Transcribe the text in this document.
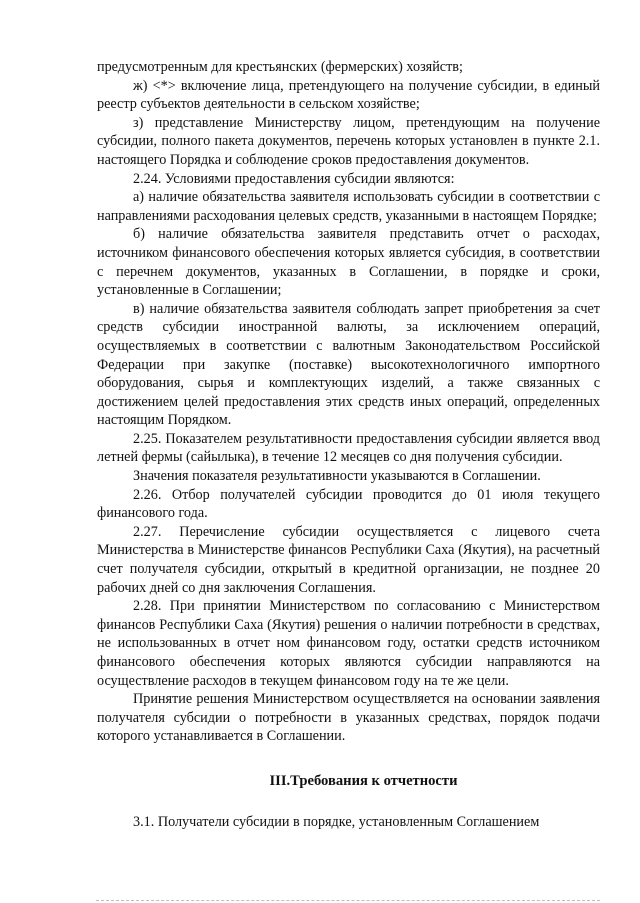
предусмотренным для крестьянских (фермерских) хозяйств;

ж) <*> включение лица, претендующего на получение субсидии, в единый реестр субъектов деятельности в сельском хозяйстве;

з) представление Министерству лицом, претендующим на получение субсидии, полного пакета документов, перечень которых установлен в пункте 2.1. настоящего Порядка и соблюдение сроков предоставления документов.

2.24. Условиями предоставления субсидии являются:

а) наличие обязательства заявителя использовать субсидии в соответствии с направлениями расходования целевых средств, указанными в настоящем Порядке;

б) наличие обязательства заявителя представить отчет о расходах, источником финансового обеспечения которых является субсидия, в соответствии с перечнем документов, указанных в Соглашении, в порядке и сроки, установленные в Соглашении;

в) наличие обязательства заявителя соблюдать запрет приобретения за счет средств субсидии иностранной валюты, за исключением операций, осуществляемых в соответствии с валютным Законодательством Российской Федерации при закупке (поставке) высокотехнологичного импортного оборудования, сырья и комплектующих изделий, а также связанных с достижением целей предоставления этих средств иных операций, определенных настоящим Порядком.

2.25. Показателем результативности предоставления субсидии является ввод летней фермы (сайылыка), в течение 12 месяцев со дня получения субсидии.

Значения показателя результативности указываются в Соглашении.

2.26. Отбор получателей субсидии проводится до 01 июля текущего финансового года.

2.27. Перечисление субсидии осуществляется с лицевого счета Министерства в Министерстве финансов Республики Саха (Якутия), на расчетный счет получателя субсидии, открытый в кредитной организации, не позднее 20 рабочих дней со дня заключения Соглашения.

2.28. При принятии Министерством по согласованию с Министерством финансов Республики Саха (Якутия) решения о наличии потребности в средствах, не использованных в отчет ном финансовом году, остатки средств источником финансового обеспечения которых являются субсидии направляются на осуществление расходов в текущем финансовом году на те же цели.

Принятие решения Министерством осуществляется на основании заявления получателя субсидии о потребности в указанных средствах, порядок подачи которого устанавливается в Соглашении.

III.Требования к отчетности

3.1. Получатели субсидии в порядке, установленным Соглашением
